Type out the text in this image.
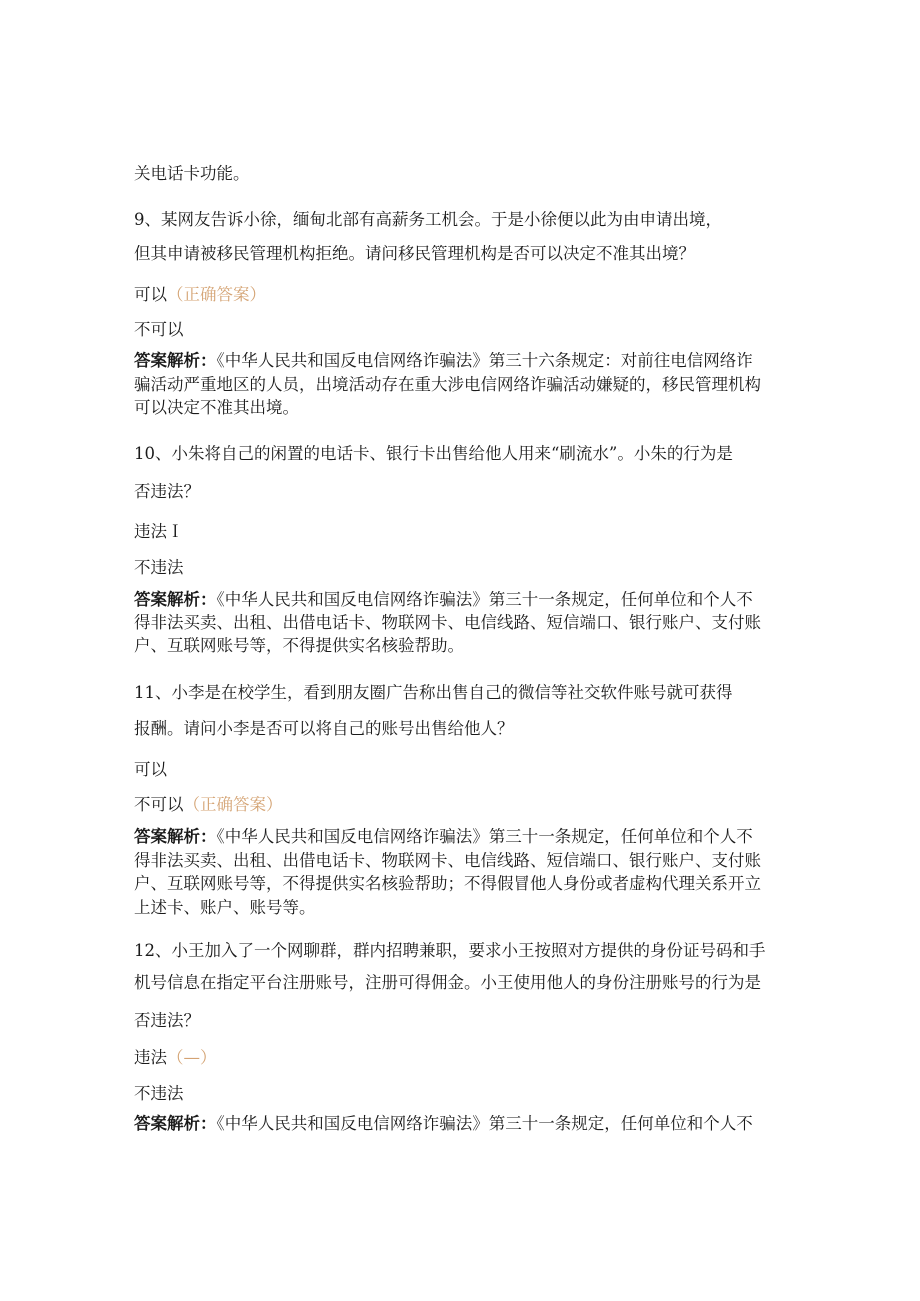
关电话卡功能。
9、某网友告诉小徐，缅甸北部有高薪务工机会。于是小徐便以此为由申请出境，
但其申请被移民管理机构拒绝。请问移民管理机构是否可以决定不准其出境？
可以（正确答案）
不可以
答案解析：《中华人民共和国反电信网络诈骗法》第三十六条规定：对前往电信网络诈
骗活动严重地区的人员，出境活动存在重大涉电信网络诈骗活动嫌疑的，移民管理机构
可以决定不准其出境。
10、小朱将自己的闲置的电话卡、银行卡出售给他人用来“刷流水”。小朱的行为是
否违法？
违法Ｉ
不违法
答案解析：《中华人民共和国反电信网络诈骗法》第三十一条规定，任何单位和个人不
得非法买卖、出租、出借电话卡、物联网卡、电信线路、短信端口、银行账户、支付账
户、互联网账号等，不得提供实名核验帮助。
11、小李是在校学生，看到朋友圈广告称出售自己的微信等社交软件账号就可获得
报酬。请问小李是否可以将自己的账号出售给他人？
可以
不可以（正确答案）
答案解析：《中华人民共和国反电信网络诈骗法》第三十一条规定，任何单位和个人不
得非法买卖、出租、出借电话卡、物联网卡、电信线路、短信端口、银行账户、支付账
户、互联网账号等，不得提供实名核验帮助；不得假冒他人身份或者虚构代理关系开立
上述卡、账户、账号等。
12、小王加入了一个网聊群，群内招聘兼职，要求小王按照对方提供的身份证号码和手
机号信息在指定平台注册账号，注册可得佣金。小王使用他人的身份注册账号的行为是
否违法？
违法（—）
不违法
答案解析：《中华人民共和国反电信网络诈骗法》第三十一条规定，任何单位和个人不
